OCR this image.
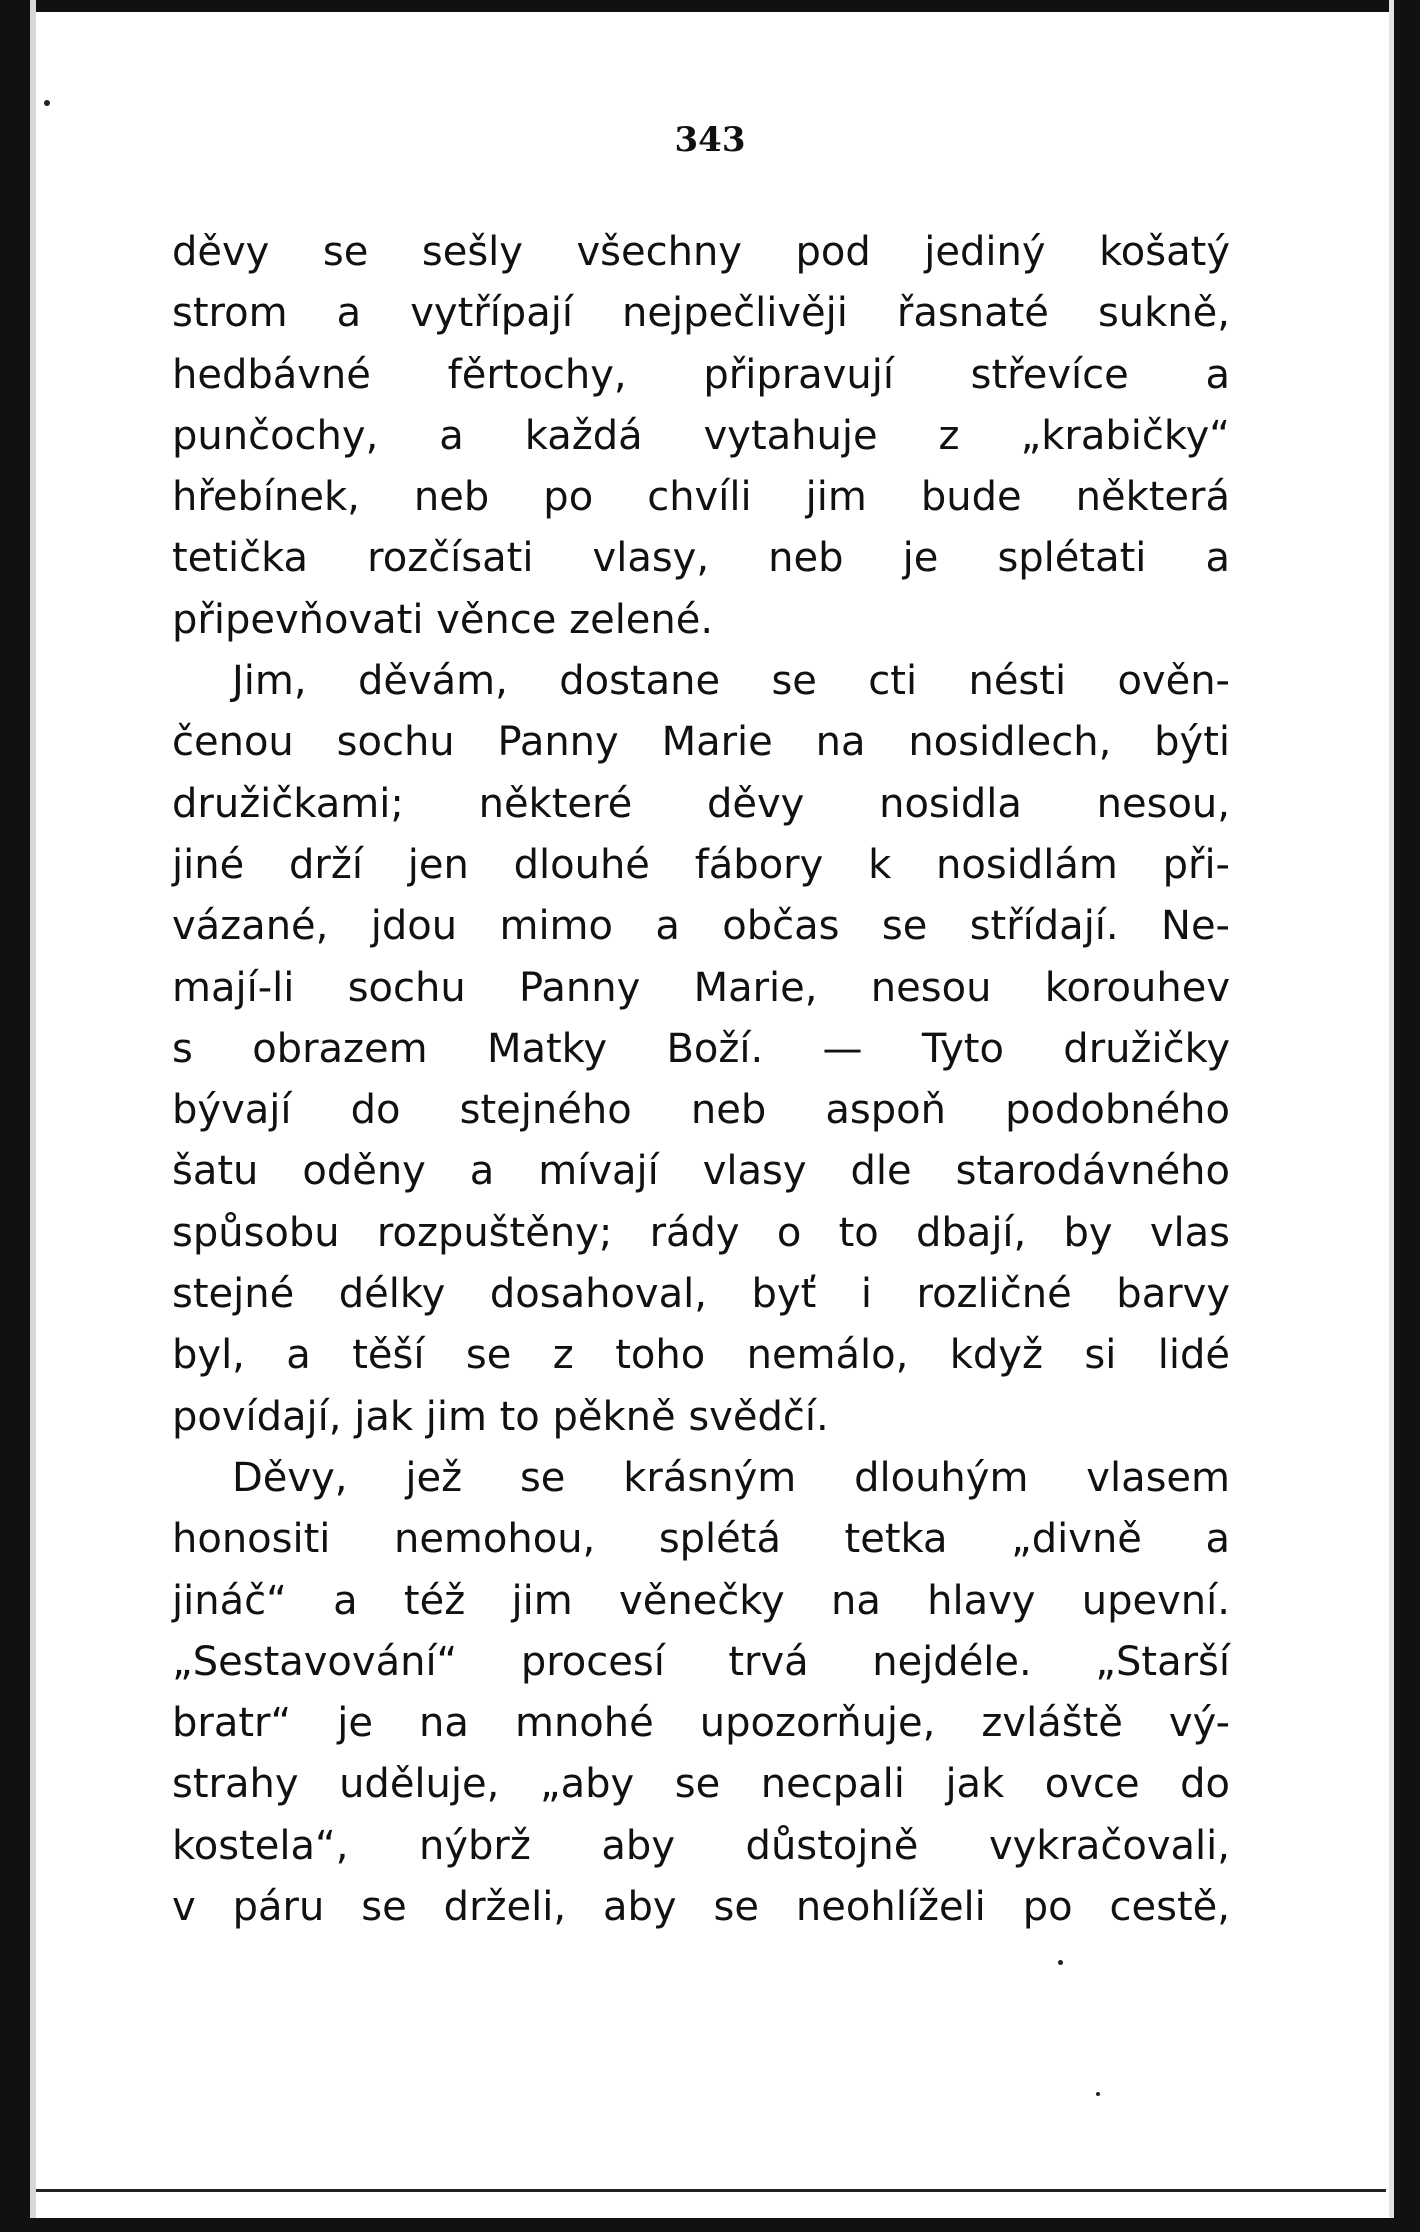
343
děvy se sešly všechny pod jediný košatý
strom a vytřípají nejpečlivěji řasnaté sukně,
hedbávné fěrtochy, připravují střevíce a
punčochy, a každá vytahuje z „krabičky“
hřebínek, neb po chvíli jim bude některá
tetička rozčísati vlasy, neb je splétati a
připevňovati věnce zelené.
Jim, děvám, dostane se cti nésti ověn-
čenou sochu Panny Marie na nosidlech, býti
družičkami; některé děvy nosidla nesou,
jiné drží jen dlouhé fábory k nosidlám při-
vázané, jdou mimo a občas se střídají. Ne-
mají-li sochu Panny Marie, nesou korouhev
s obrazem Matky Boží. — Tyto družičky
bývají do stejného neb aspoň podobného
šatu oděny a mívají vlasy dle starodávného
spůsobu rozpuštěny; rády o to dbají, by vlas
stejné délky dosahoval, byť i rozličné barvy
byl, a těší se z toho nemálo, když si lidé
povídají, jak jim to pěkně svědčí.
Děvy, jež se krásným dlouhým vlasem
honositi nemohou, splétá tetka „divně a
jináč“ a též jim věnečky na hlavy upevní.
„Sestavování“ procesí trvá nejdéle. „Starší
bratr“ je na mnohé upozorňuje, zvláště vý-
strahy uděluje, „aby se necpali jak ovce do
kostela“, nýbrž aby důstojně vykračovali,
v páru se drželi, aby se neohlíželi po cestě,
